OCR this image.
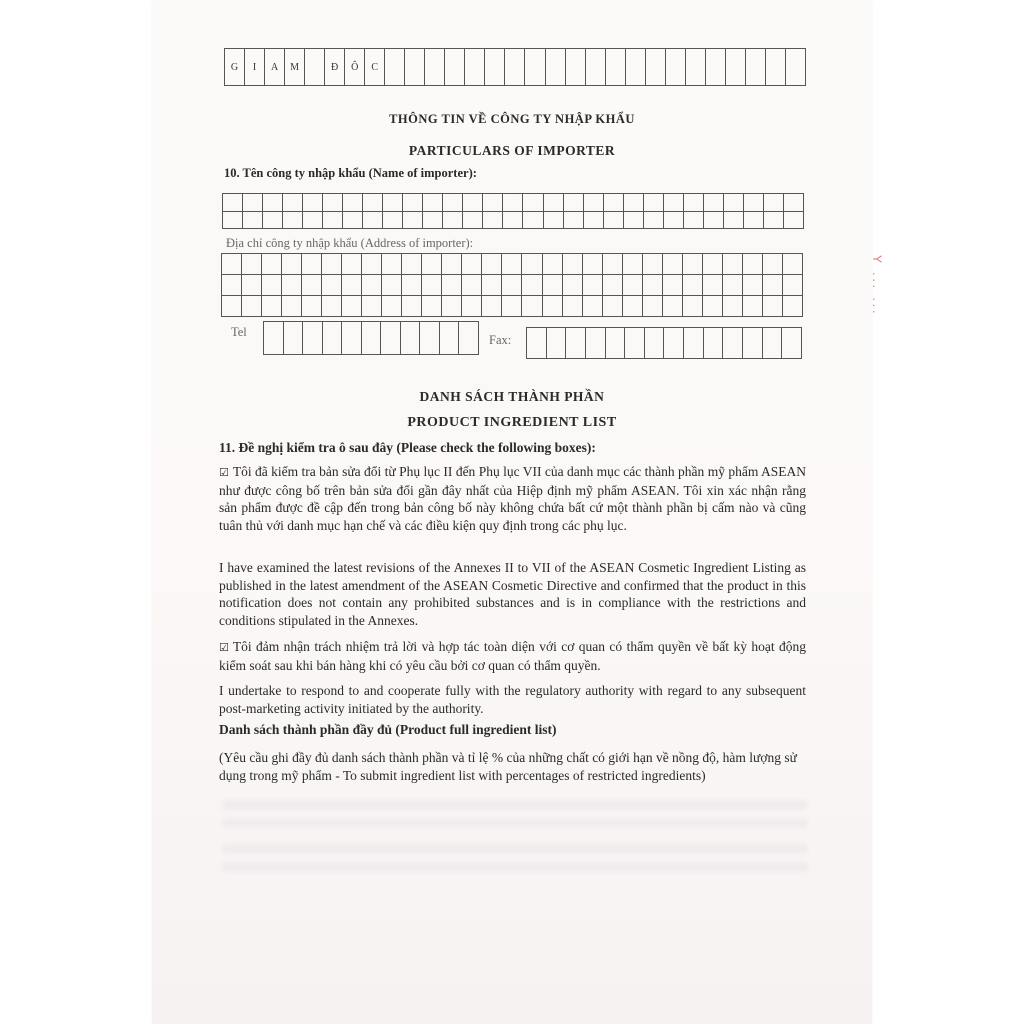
G	I	A	M		Đ	Ô	C																					
THÔNG TIN VỀ CÔNG TY NHẬP KHẨU
PARTICULARS OF IMPORTER
10. Tên công ty nhập khẩu (Name of importer):

Địa chỉ công ty nhập khẩu (Address of importer):

Tel

Fax:

DANH SÁCH THÀNH PHẦN
PRODUCT INGREDIENT LIST
11. Đề nghị kiểm tra ô sau đây (Please check the following boxes):
☑ Tôi đã kiểm tra bản sửa đổi từ Phụ lục II đến Phụ lục VII của danh mục các thành phần mỹ phẩm ASEAN như được công bố trên bản sửa đổi gần đây nhất của Hiệp định mỹ phẩm ASEAN. Tôi xin xác nhận rằng sản phẩm được đề cập đến trong bản công bố này không chứa bất cứ một thành phần bị cấm nào và cũng tuân thủ với danh mục hạn chế và các điều kiện quy định trong các phụ lục.
I have examined the latest revisions of the Annexes II to VII of the ASEAN Cosmetic Ingredient Listing as published in the latest amendment of the ASEAN Cosmetic Directive and confirmed that the product in this notification does not contain any prohibited substances and is in compliance with the restrictions and conditions stipulated in the Annexes.
☑ Tôi đảm nhận trách nhiệm trả lời và hợp tác toàn diện với cơ quan có thẩm quyền về bất kỳ hoạt động kiểm soát sau khi bán hàng khi có yêu cầu bởi cơ quan có thẩm quyền.
I undertake to respond to and cooperate fully with the regulatory authority with regard to any subsequent post-marketing activity initiated by the authority.
Danh sách thành phần đầy đủ (Product full ingredient list)
(Yêu cầu ghi đầy đủ danh sách thành phần và tỉ lệ % của những chất có giới hạn về nồng độ, hàm lượng sử dụng trong mỹ phẩm - To submit ingredient list with percentages of restricted ingredients)
Y ... ...
